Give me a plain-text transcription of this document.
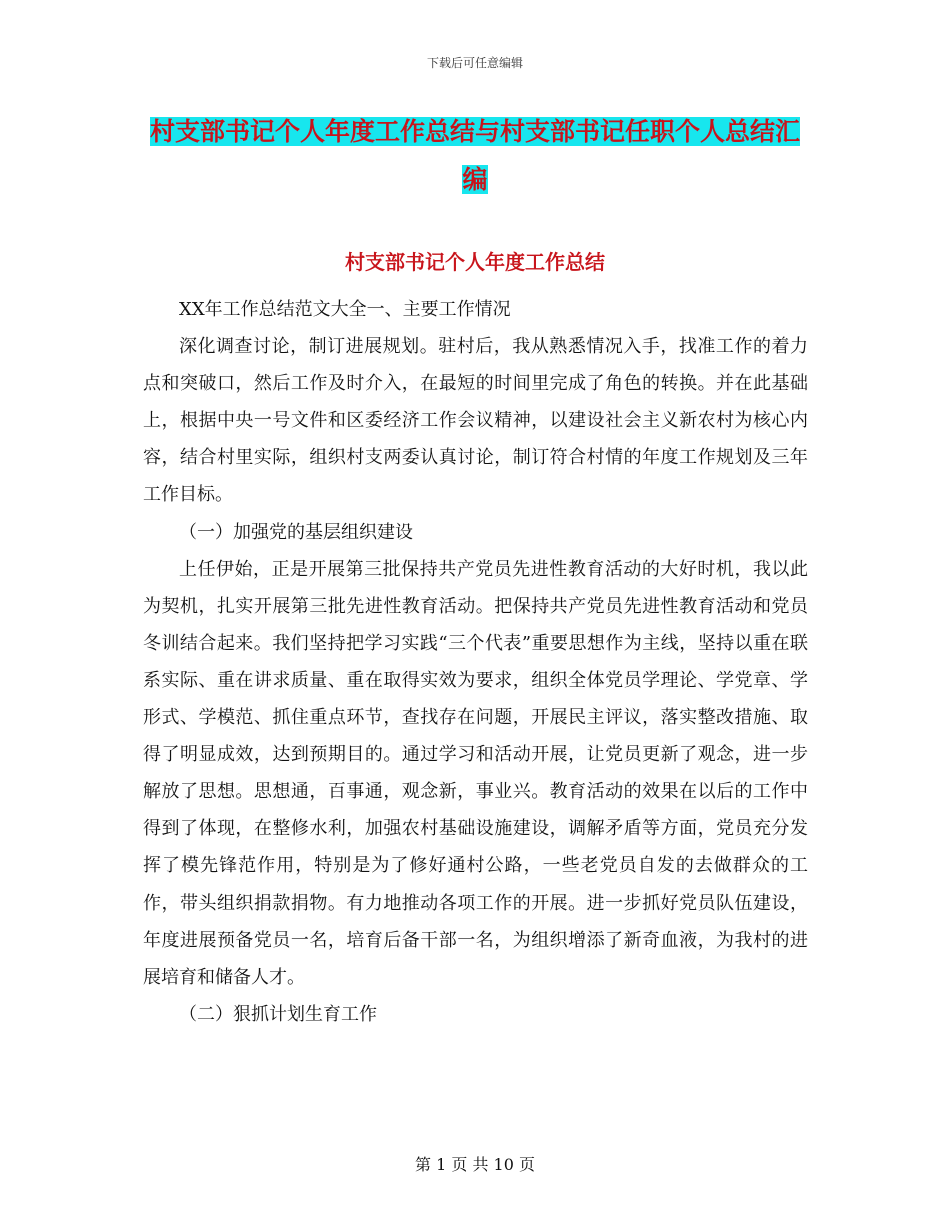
下载后可任意编辑
村支部书记个人年度工作总结与村支部书记任职个人总结汇编
村支部书记个人年度工作总结

XX年工作总结范文大全一、主要工作情况

深化调查讨论，制订进展规划。驻村后，我从熟悉情况入手，找准工作的着力点和突破口，然后工作及时介入，在最短的时间里完成了角色的转换。并在此基础上，根据中央一号文件和区委经济工作会议精神，以建设社会主义新农村为核心内容，结合村里实际，组织村支两委认真讨论，制订符合村情的年度工作规划及三年工作目标。

（一）加强党的基层组织建设

上任伊始，正是开展第三批保持共产党员先进性教育活动的大好时机，我以此为契机，扎实开展第三批先进性教育活动。把保持共产党员先进性教育活动和党员冬训结合起来。我们坚持把学习实践“三个代表”重要思想作为主线，坚持以重在联系实际、重在讲求质量、重在取得实效为要求，组织全体党员学理论、学党章、学形式、学模范、抓住重点环节，查找存在问题，开展民主评议，落实整改措施、取得了明显成效，达到预期目的。通过学习和活动开展，让党员更新了观念，进一步解放了思想。思想通，百事通，观念新，事业兴。教育活动的效果在以后的工作中得到了体现，在整修水利，加强农村基础设施建设，调解矛盾等方面，党员充分发挥了模先锋范作用，特别是为了修好通村公路，一些老党员自发的去做群众的工作，带头组织捐款捐物。有力地推动各项工作的开展。进一步抓好党员队伍建设，年度进展预备党员一名，培育后备干部一名，为组织增添了新奇血液，为我村的进展培育和储备人才。

（二）狠抓计划生育工作

第 1 页 共 10 页
